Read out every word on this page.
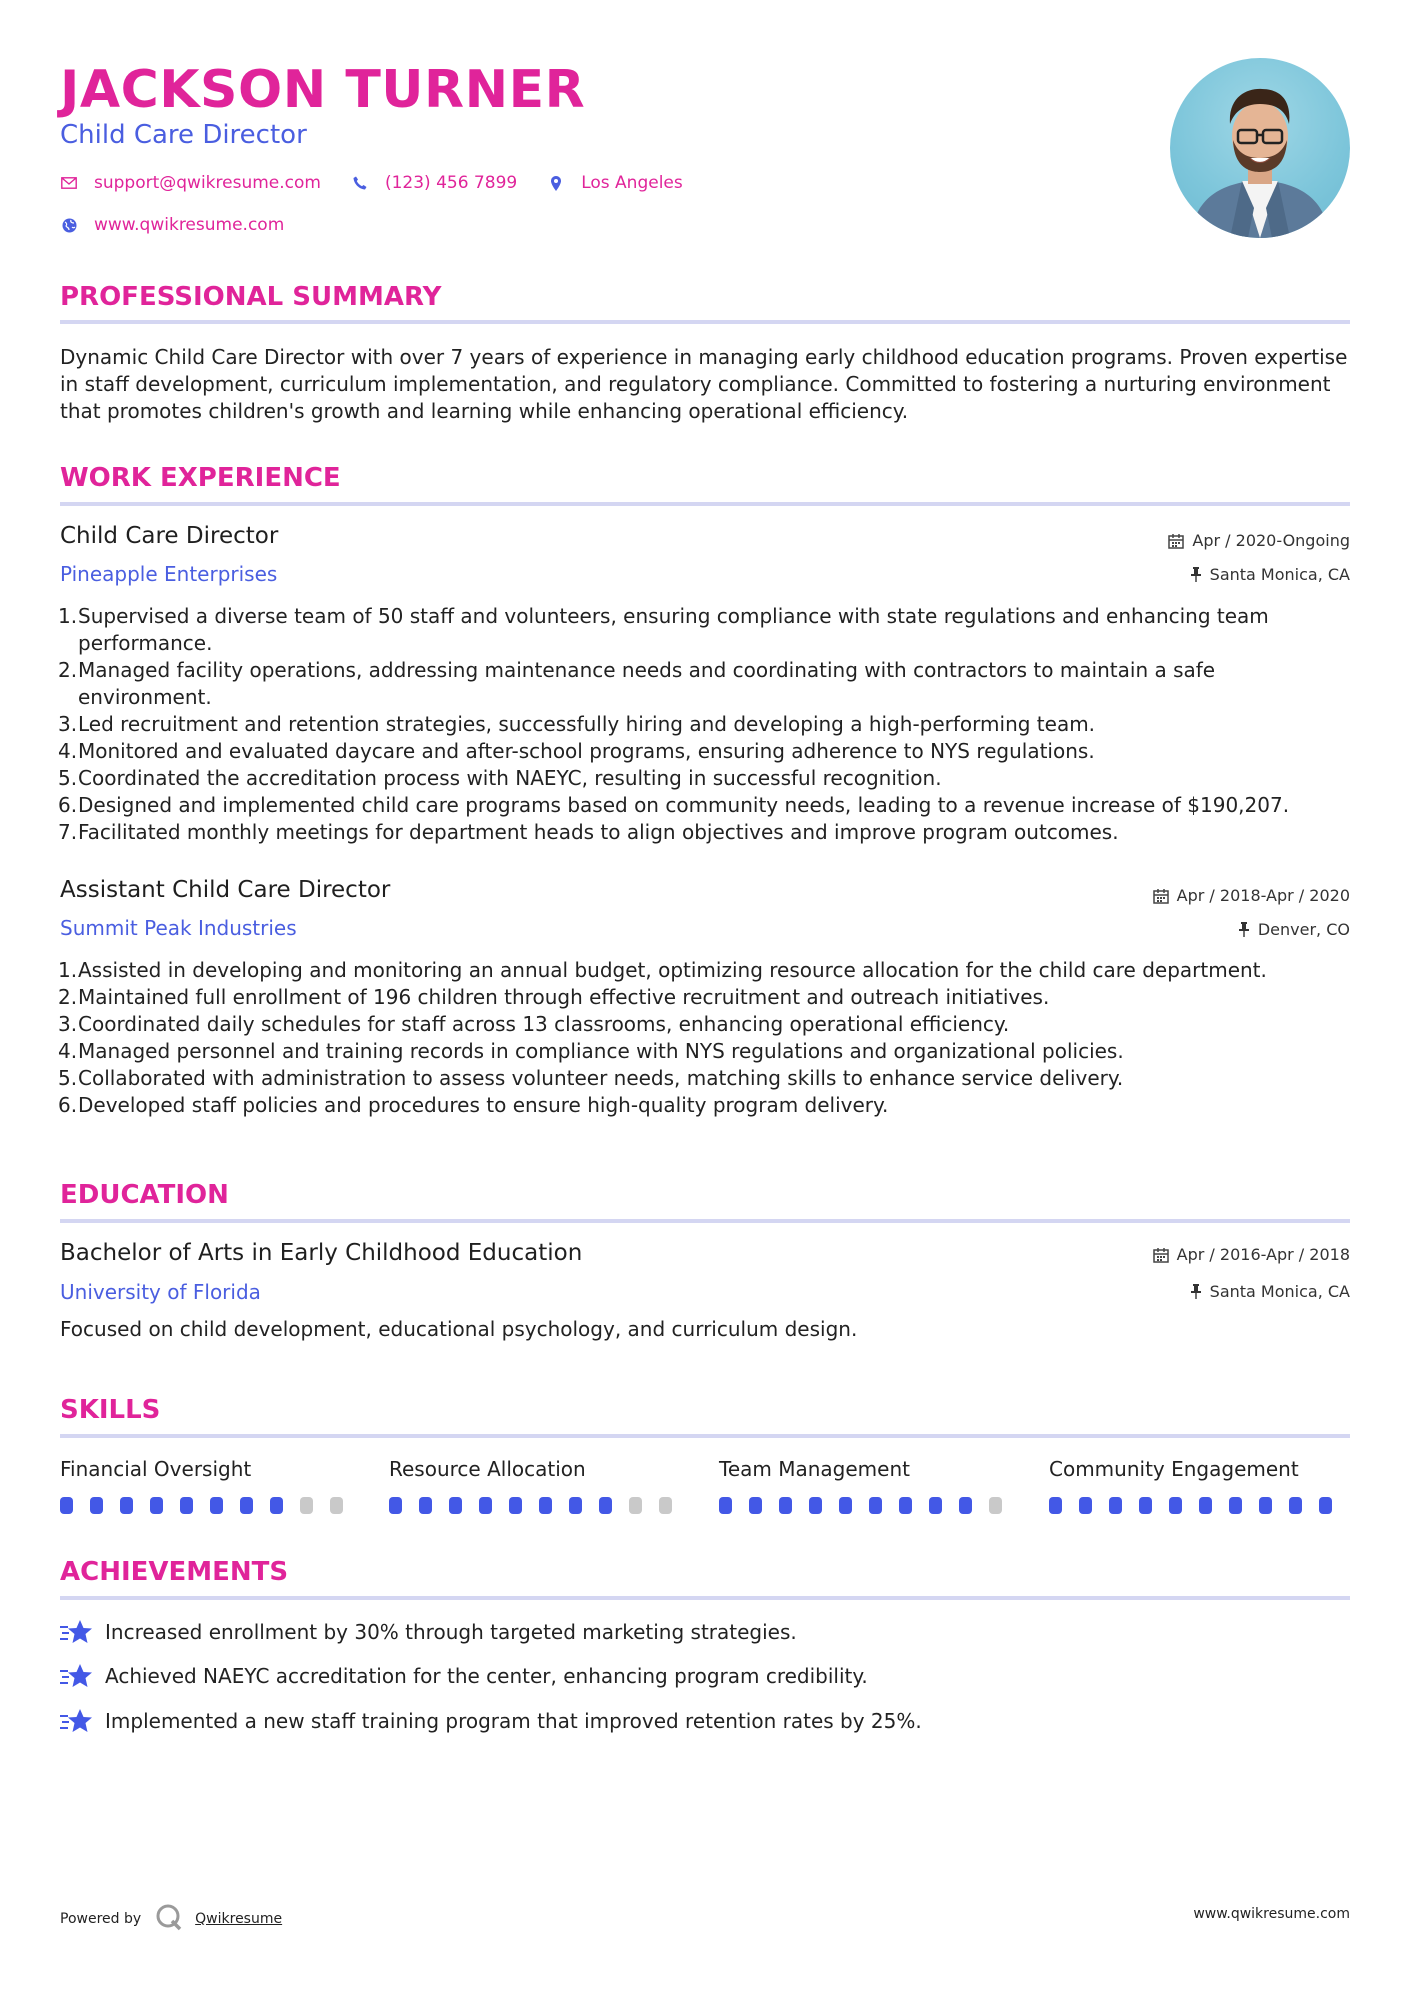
JACKSON TURNER
Child Care Director
support@qwikresume.com	(123) 456 7899	Los Angeles
www.qwikresume.com
PROFESSIONAL SUMMARY
Dynamic Child Care Director with over 7 years of experience in managing early childhood education programs. Proven expertise in staff development, curriculum implementation, and regulatory compliance. Committed to fostering a nurturing environment that promotes children's growth and learning while enhancing operational efficiency.
WORK EXPERIENCE
Child Care Director
Pineapple Enterprises
Apr / 2020-Ongoing
Santa Monica, CA
Supervised a diverse team of 50 staff and volunteers, ensuring compliance with state regulations and enhancing team performance.
Managed facility operations, addressing maintenance needs and coordinating with contractors to maintain a safe environment.
Led recruitment and retention strategies, successfully hiring and developing a high-performing team.
Monitored and evaluated daycare and after-school programs, ensuring adherence to NYS regulations.
Coordinated the accreditation process with NAEYC, resulting in successful recognition.
Designed and implemented child care programs based on community needs, leading to a revenue increase of $190,207.
Facilitated monthly meetings for department heads to align objectives and improve program outcomes.
Assistant Child Care Director
Summit Peak Industries
Apr / 2018-Apr / 2020
Denver, CO
Assisted in developing and monitoring an annual budget, optimizing resource allocation for the child care department.
Maintained full enrollment of 196 children through effective recruitment and outreach initiatives.
Coordinated daily schedules for staff across 13 classrooms, enhancing operational efficiency.
Managed personnel and training records in compliance with NYS regulations and organizational policies.
Collaborated with administration to assess volunteer needs, matching skills to enhance service delivery.
Developed staff policies and procedures to ensure high-quality program delivery.
EDUCATION
Bachelor of Arts in Early Childhood Education
University of Florida
Apr / 2016-Apr / 2018
Santa Monica, CA
Focused on child development, educational psychology, and curriculum design.
SKILLS
Financial Oversight	Resource Allocation	Team Management	Community Engagement
ACHIEVEMENTS
Increased enrollment by 30% through targeted marketing strategies.
Achieved NAEYC accreditation for the center, enhancing program credibility.
Implemented a new staff training program that improved retention rates by 25%.
Powered by	Qwikresume	www.qwikresume.com
